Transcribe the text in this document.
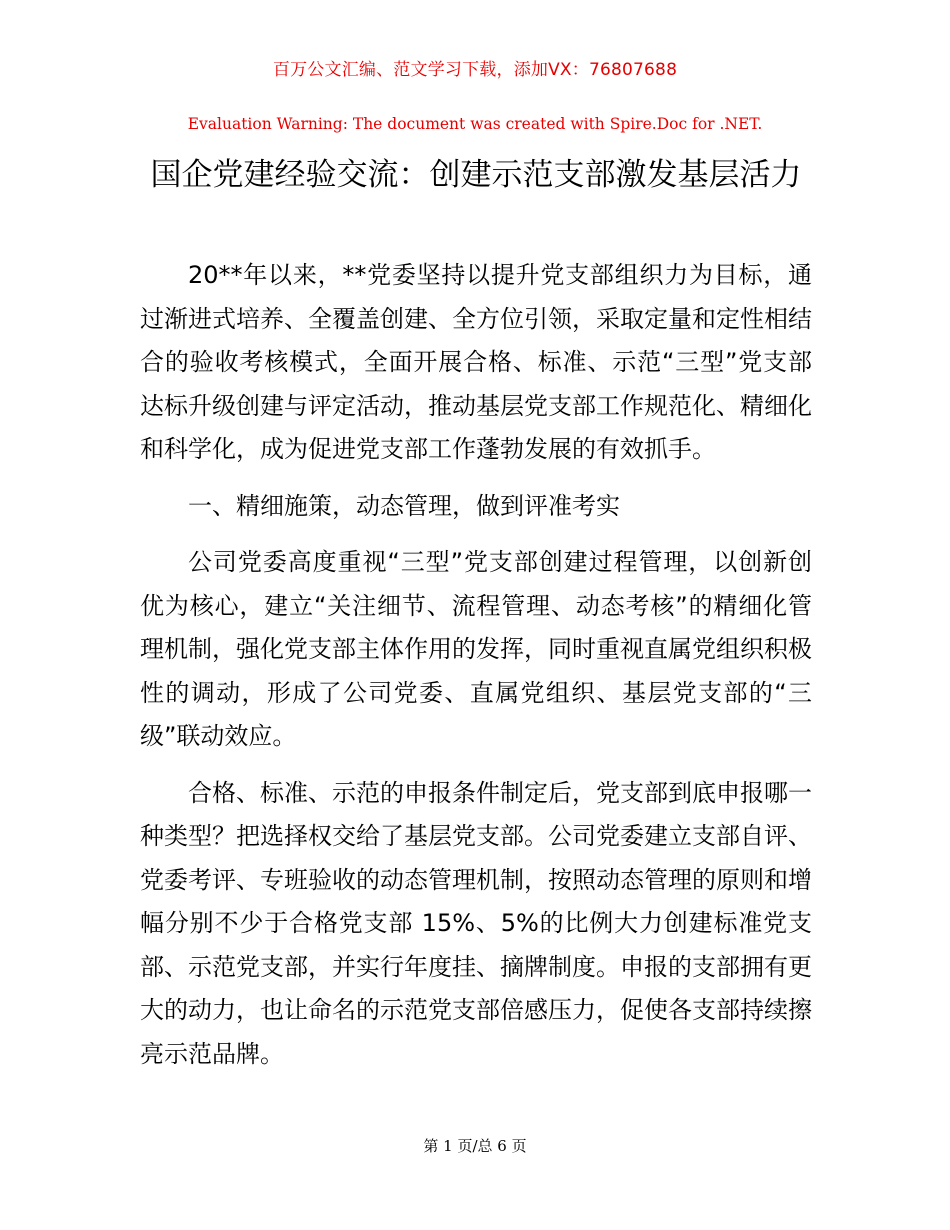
百万公文汇编、范文学习下载，添加VX：76807688
Evaluation Warning: The document was created with Spire.Doc for .NET.
国企党建经验交流：创建示范支部激发基层活力

20**年以来，**党委坚持以提升党支部组织力为目标，通过渐进式培养、全覆盖创建、全方位引领，采取定量和定性相结合的验收考核模式，全面开展合格、标准、示范“三型”党支部达标升级创建与评定活动，推动基层党支部工作规范化、精细化和科学化，成为促进党支部工作蓬勃发展的有效抓手。

一、精细施策，动态管理，做到评准考实

公司党委高度重视“三型”党支部创建过程管理，以创新创优为核心，建立“关注细节、流程管理、动态考核”的精细化管理机制，强化党支部主体作用的发挥，同时重视直属党组织积极性的调动，形成了公司党委、直属党组织、基层党支部的“三级”联动效应。

合格、标准、示范的申报条件制定后，党支部到底申报哪一种类型？把选择权交给了基层党支部。公司党委建立支部自评、党委考评、专班验收的动态管理机制，按照动态管理的原则和增幅分别不少于合格党支部 15%、5%的比例大力创建标准党支部、示范党支部，并实行年度挂、摘牌制度。申报的支部拥有更大的动力，也让命名的示范党支部倍感压力，促使各支部持续擦亮示范品牌。

第 1 页/总 6 页
